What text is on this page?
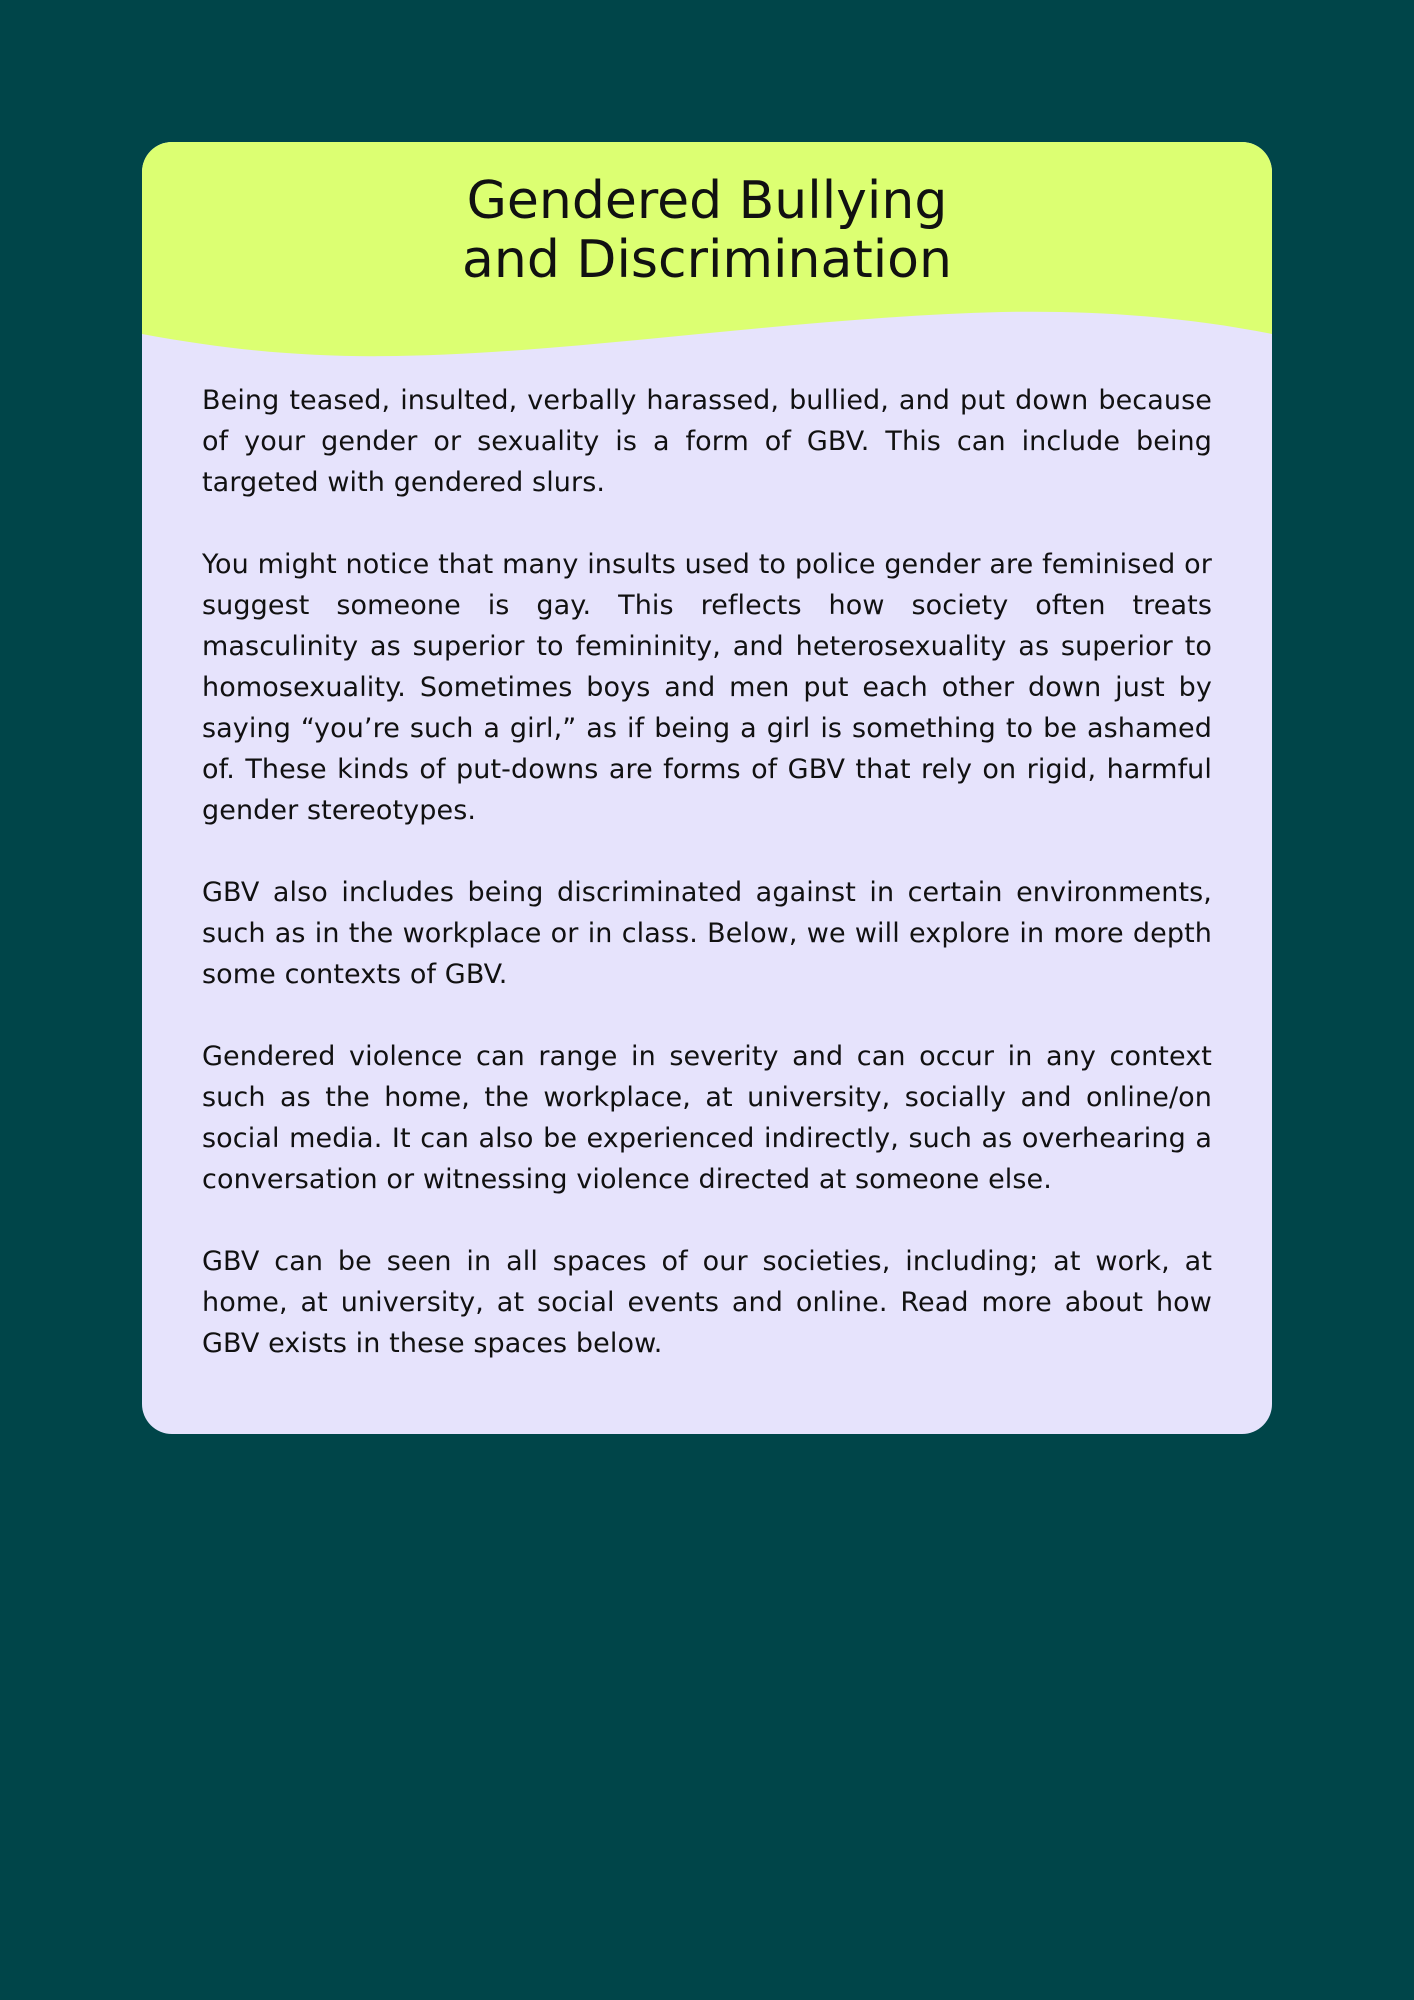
Gendered Bullying
and Discrimination

Being teased, insulted, verbally harassed, bullied, and put down because of your gender or sexuality is a form of GBV. This can include being targeted with gendered slurs.

You might notice that many insults used to police gender are feminised or suggest someone is gay. This reflects how society often treats masculinity as superior to femininity, and heterosexuality as superior to homosexuality. Sometimes boys and men put each other down just by saying “you’re such a girl,” as if being a girl is something to be ashamed of. These kinds of put-downs are forms of GBV that rely on rigid, harmful gender stereotypes.

GBV also includes being discriminated against in certain environments, such as in the workplace or in class. Below, we will explore in more depth some contexts of GBV.

Gendered violence can range in severity and can occur in any context such as the home, the workplace, at university, socially and online/on social media. It can also be experienced indirectly, such as overhearing a conversation or witnessing violence directed at someone else.

GBV can be seen in all spaces of our societies, including; at work, at home, at university, at social events and online. Read more about how GBV exists in these spaces below.
